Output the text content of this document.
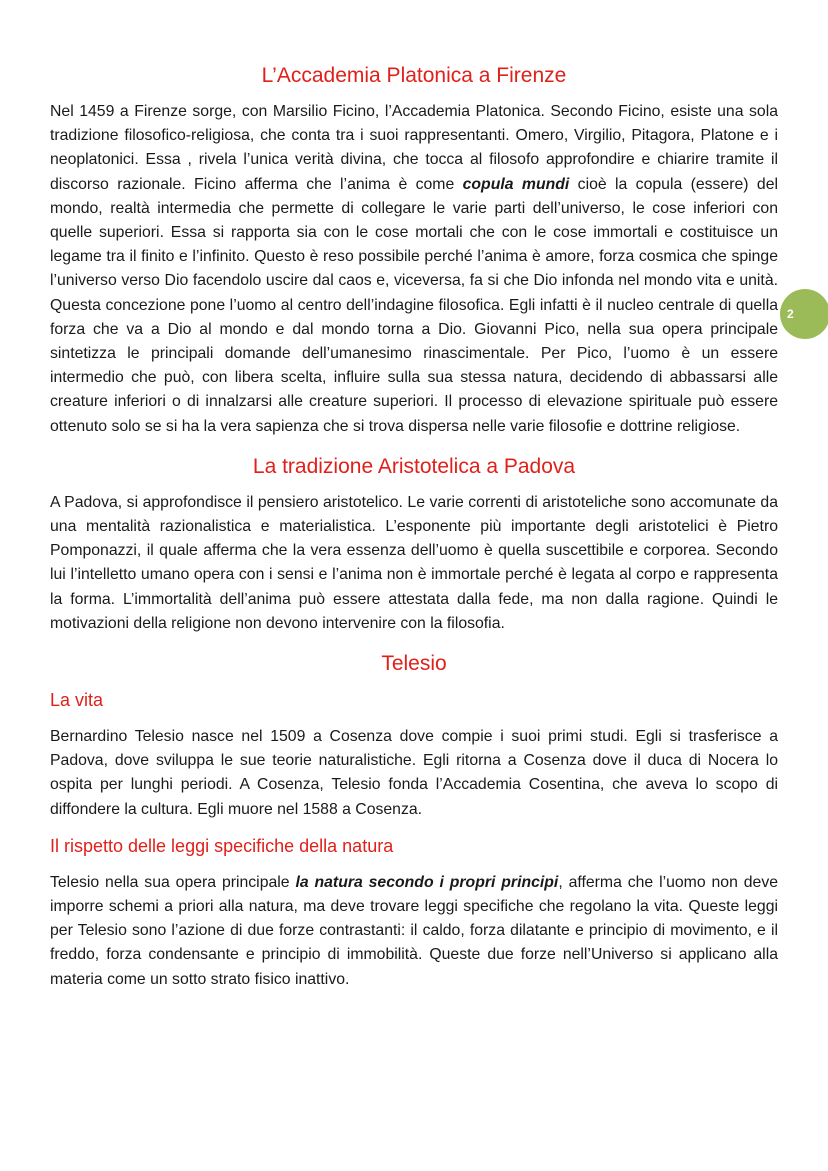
L’Accademia Platonica a Firenze

Nel 1459 a Firenze sorge, con Marsilio Ficino, l’Accademia Platonica. Secondo Ficino, esiste una sola tradizione filosofico-religiosa, che conta tra i suoi rappresentanti. Omero, Virgilio, Pitagora, Platone e i neoplatonici. Essa , rivela l’unica verità divina, che tocca al filosofo approfondire e chiarire tramite il discorso razionale. Ficino afferma che l’anima è come copula mundi cioè la copula (essere) del mondo, realtà intermedia che permette di collegare le varie parti dell’universo, le cose inferiori con quelle superiori. Essa si rapporta sia con le cose mortali che con le cose immortali e costituisce un legame tra il finito e l’infinito. Questo è reso possibile perché l’anima è amore, forza cosmica che spinge l’universo verso Dio facendolo uscire dal caos e, viceversa, fa si che Dio infonda nel mondo vita e unità. Questa concezione pone l’uomo al centro dell’indagine filosofica. Egli infatti è il nucleo centrale di quella forza che va a Dio al mondo e dal mondo torna a Dio. Giovanni Pico, nella sua opera principale sintetizza le principali domande dell’umanesimo rinascimentale. Per Pico, l’uomo è un essere intermedio che può, con libera scelta, influire sulla sua stessa natura, decidendo di abbassarsi alle creature inferiori o di innalzarsi alle creature superiori. Il processo di elevazione spirituale può essere ottenuto solo se si ha la vera sapienza che si trova dispersa nelle varie filosofie e dottrine religiose.

La tradizione Aristotelica a Padova

A Padova, si approfondisce il pensiero aristotelico. Le varie correnti di aristoteliche sono accomunate da una mentalità razionalistica e materialistica. L’esponente più importante degli aristotelici è Pietro Pomponazzi, il quale afferma che la vera essenza dell’uomo è quella suscettibile e corporea. Secondo lui l’intelletto umano opera con i sensi e l’anima non è immortale perché è legata al corpo e rappresenta la forma. L’immortalità dell’anima può essere attestata dalla fede, ma non dalla ragione. Quindi le motivazioni della religione non devono intervenire con la filosofia.

Telesio
La vita

Bernardino Telesio nasce nel 1509 a Cosenza dove compie i suoi primi studi. Egli si trasferisce a Padova, dove sviluppa le sue teorie naturalistiche. Egli ritorna a Cosenza dove il duca di Nocera lo ospita per lunghi periodi. A Cosenza, Telesio fonda l’Accademia Cosentina, che aveva lo scopo di diffondere la cultura. Egli muore nel 1588 a Cosenza.

Il rispetto delle leggi specifiche della natura

Telesio nella sua opera principale la natura secondo i propri principi, afferma che l’uomo non deve imporre schemi a priori alla natura, ma deve trovare leggi specifiche che regolano la vita. Queste leggi per Telesio sono l’azione di due forze contrastanti: il caldo, forza dilatante e principio di movimento, e il freddo, forza condensante e principio di immobilità. Queste due forze nell’Universo si applicano alla materia come un sotto strato fisico inattivo.

2
